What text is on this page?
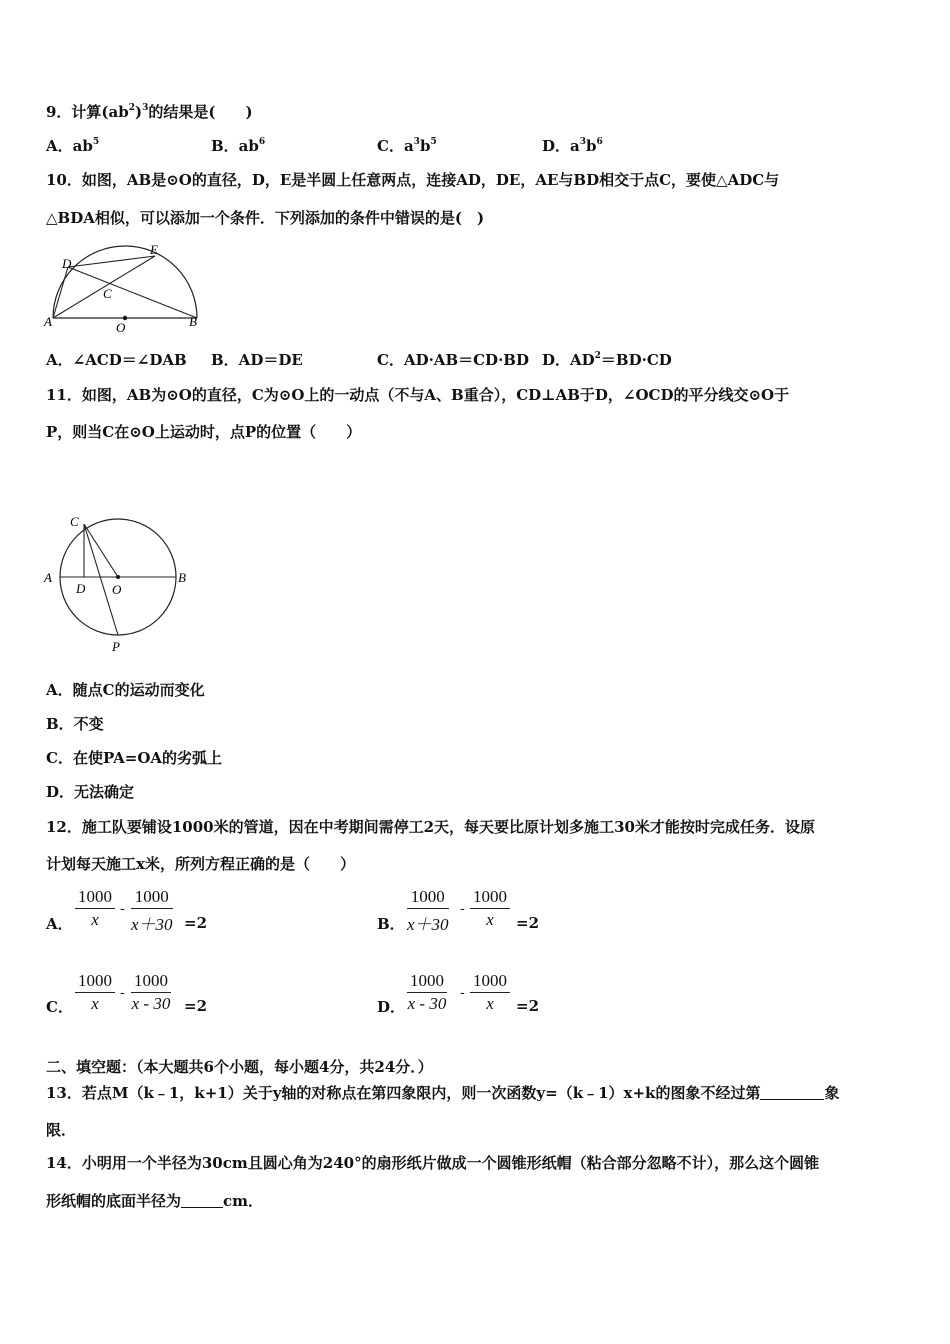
9．计算$(ab^2)^3$的结果是(　　)
A．$ab^5$	B．$ab^6$	C．$a^3b^5$	D．$a^3b^6$
10．如图，AB是⊙O的直径，D，E是半圆上任意两点，连接AD，DE，AE与BD相交于点C，要使△ADC与
△BDA相似，可以添加一个条件．下列添加的条件中错误的是(　)
D
E
C
A	O	B
A．∠ACD＝∠DAB B．AD＝DE	C．AD·AB＝CD·BD D．$AD^2=BD\cdot CD$
11．如图，AB为⊙O的直径，C为⊙O上的一动点（不与A、B重合），CD⊥AB于D，∠OCD的平分线交⊙O于
P，则当C在⊙O上运动时，点P的位置（　　）
C
A
D O
B
P
A．随点C的运动而变化
B．不变
C．在使PA=OA的劣弧上
D．无法确定
12．施工队要铺设1000米的管道，因在中考期间需停工2天，每天要比原计划多施工30米才能按时完成任务．设原
计划每天施工x米，所列方程正确的是（　　）
A． $\frac{1000}{x} - \frac{1000}{x+30} =2$	B． $\frac{1000}{x+30} - \frac{1000}{x} =2$
C． $\frac{1000}{x} - \frac{1000}{x - 30} =2$	D． $\frac{1000}{x - 30} - \frac{1000}{x} =2$
二、填空题：（本大题共6个小题，每小题4分，共24分．）
13．若点M（k﹣1，k+1）关于y轴的对称点在第四象限内，则一次函数y=（k﹣1）x+k的图象不经过第	象
限．
14．小明用一个半径为30cm且圆心角为240°的扇形纸片做成一个圆锥形纸帽（粘合部分忽略不计），那么这个圆锥
形纸帽的底面半径为	cm．
